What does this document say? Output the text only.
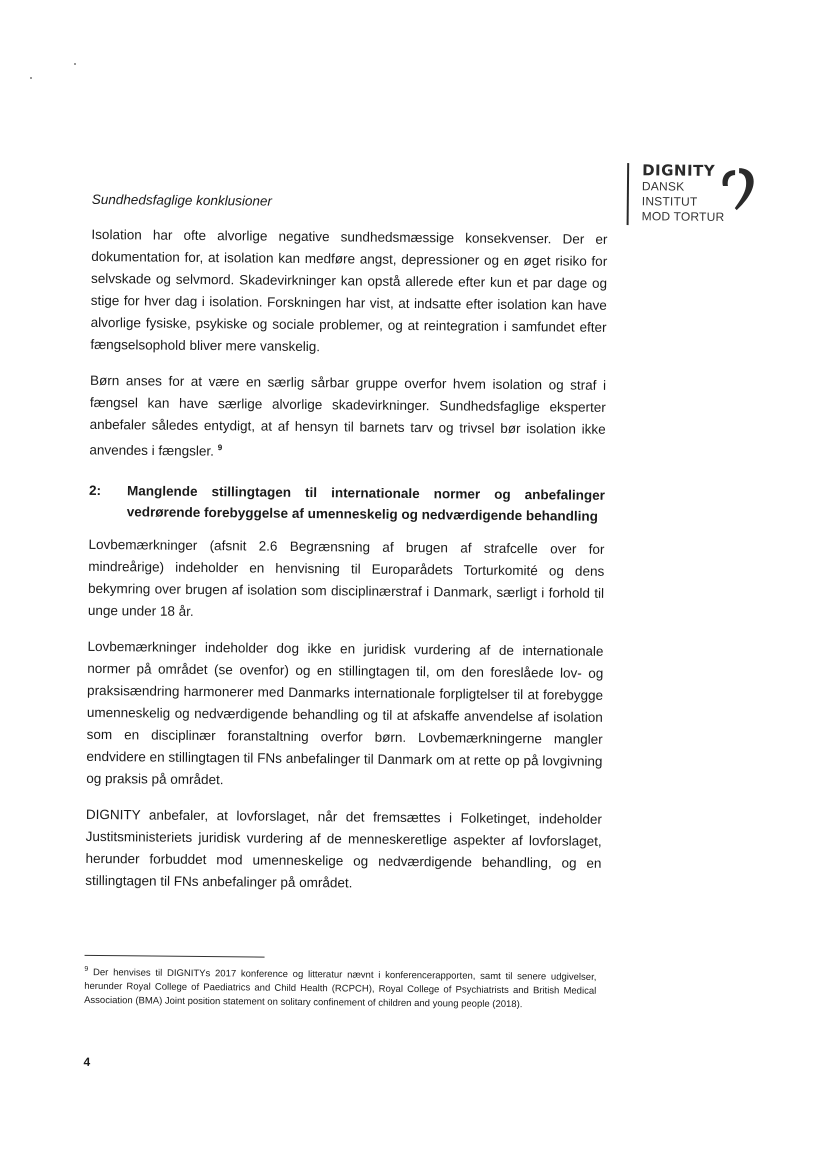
DIGNITY
DANSK
INSTITUT
MOD TORTUR
Sundhedsfaglige konklusioner

Isolation har ofte alvorlige negative sundhedsmæssige konsekvenser. Der er dokumentation for, at isolation kan medføre angst, depressioner og en øget risiko for selvskade og selvmord. Skadevirkninger kan opstå allerede efter kun et par dage og stige for hver dag i isolation. Forskningen har vist, at indsatte efter isolation kan have alvorlige fysiske, psykiske og sociale problemer, og at reintegration i samfundet efter fængselsophold bliver mere vanskelig.

Børn anses for at være en særlig sårbar gruppe overfor hvem isolation og straf i fængsel kan have særlige alvorlige skadevirkninger. Sundhedsfaglige eksperter anbefaler således entydigt, at af hensyn til barnets tarv og trivsel bør isolation ikke anvendes i fængsler. $^9$

2:	Manglende stillingtagen til internationale normer og anbefalinger vedrørende forebyggelse af umenneskelig og nedværdigende behandling

Lovbemærkninger (afsnit 2.6 Begrænsning af brugen af strafcelle over for mindreårige) indeholder en henvisning til Europarådets Torturkomité og dens bekymring over brugen af isolation som disciplinærstraf i Danmark, særligt i forhold til unge under 18 år.

Lovbemærkninger indeholder dog ikke en juridisk vurdering af de internationale normer på området (se ovenfor) og en stillingtagen til, om den foreslåede lov- og praksisændring harmonerer med Danmarks internationale forpligtelser til at forebygge umenneskelig og nedværdigende behandling og til at afskaffe anvendelse af isolation som en disciplinær foranstaltning overfor børn. Lovbemærkningerne mangler endvidere en stillingtagen til FNs anbefalinger til Danmark om at rette op på lovgivning og praksis på området.

DIGNITY anbefaler, at lovforslaget, når det fremsættes i Folketinget, indeholder Justitsministeriets juridisk vurdering af de menneskeretlige aspekter af lovforslaget, herunder forbuddet mod umenneskelige og nedværdigende behandling, og en stillingtagen til FNs anbefalinger på området.

$^9$ Der henvises til DIGNITYs 2017 konference og litteratur nævnt i konferencerapporten, samt til senere udgivelser, herunder Royal College of Paediatrics and Child Health (RCPCH), Royal College of Psychiatrists and British Medical Association (BMA) Joint position statement on solitary confinement of children and young people (2018).
4
